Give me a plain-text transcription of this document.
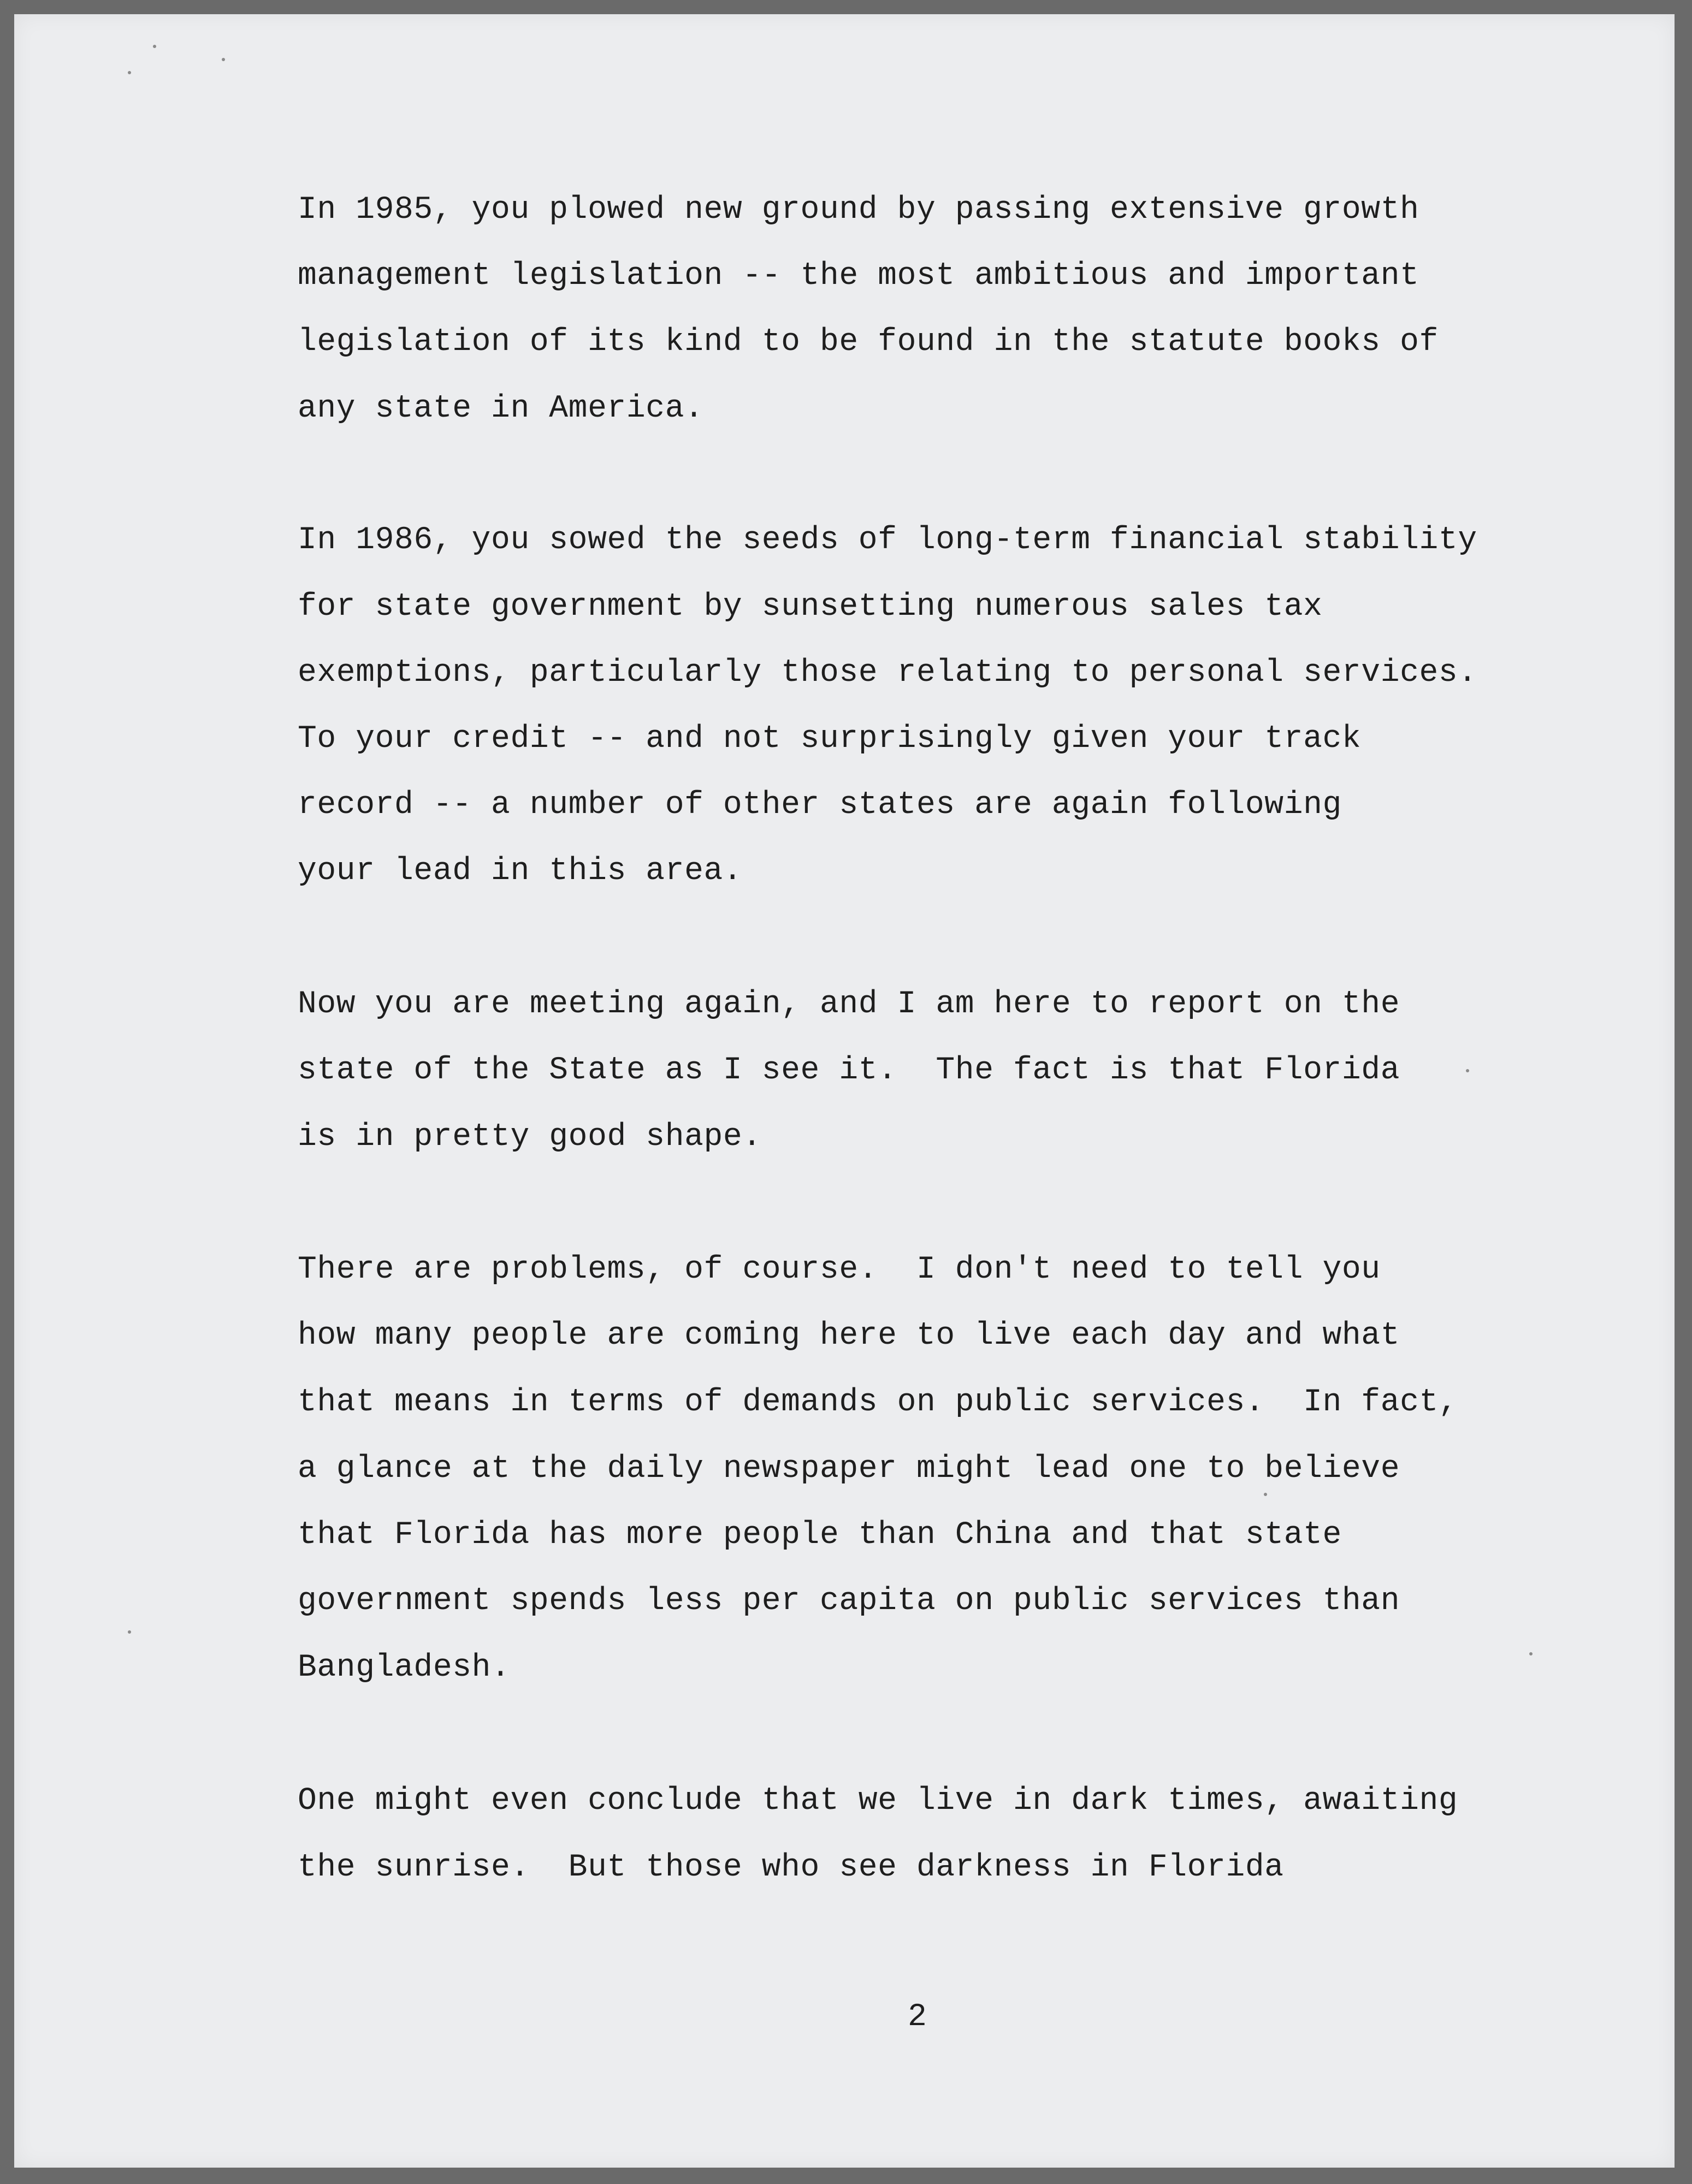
In 1985, you plowed new ground by passing extensive growth
management legislation -- the most ambitious and important
legislation of its kind to be found in the statute books of
any state in America.
In 1986, you sowed the seeds of long-term financial stability
for state government by sunsetting numerous sales tax
exemptions, particularly those relating to personal services.
To your credit -- and not surprisingly given your track
record -- a number of other states are again following
your lead in this area.
Now you are meeting again, and I am here to report on the
state of the State as I see it.  The fact is that Florida
is in pretty good shape.
There are problems, of course.  I don't need to tell you
how many people are coming here to live each day and what
that means in terms of demands on public services.  In fact,
a glance at the daily newspaper might lead one to believe
that Florida has more people than China and that state
government spends less per capita on public services than
Bangladesh.
One might even conclude that we live in dark times, awaiting
the sunrise.  But those who see darkness in Florida
2
